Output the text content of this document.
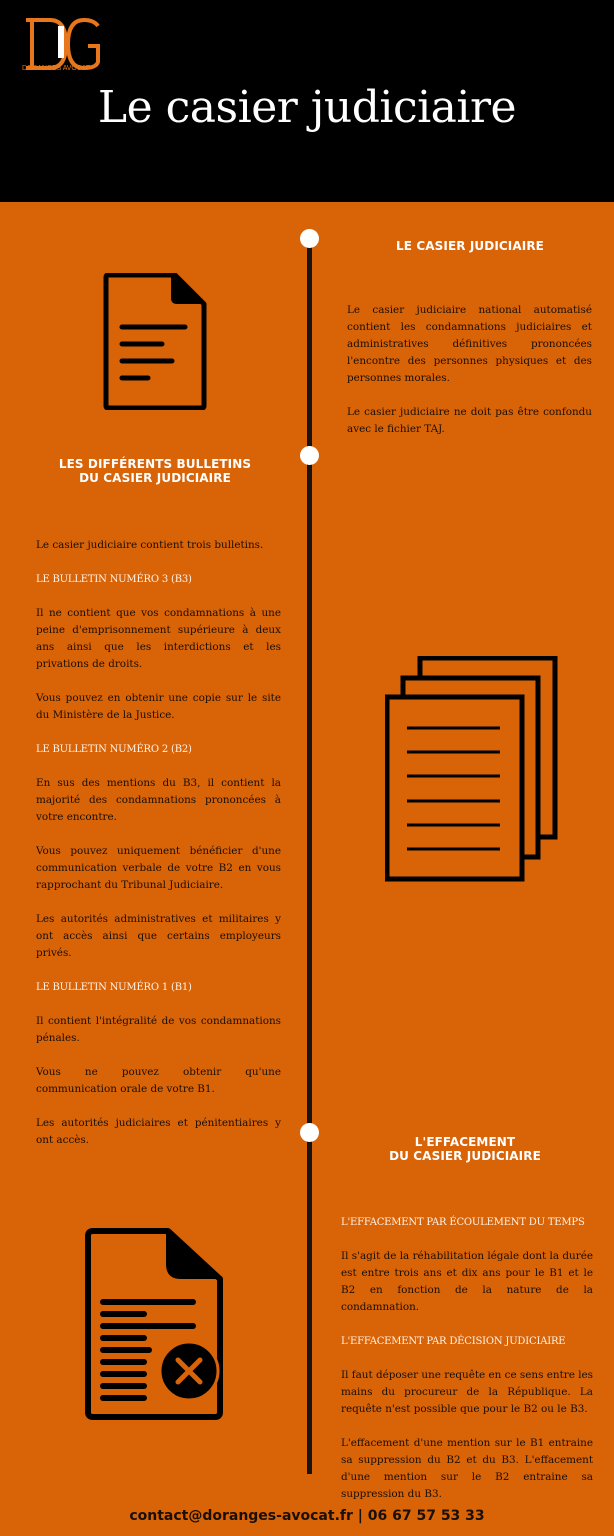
DORANGES AVOCAT
Le casier judiciaire
LE CASIER JUDICIAIRE

Le casier judiciaire national automatisé contient les condamnations judiciaires et administratives définitives prononcées l'encontre des personnes physiques et des personnes morales.

Le casier judiciaire ne doit pas être confondu avec le fichier TAJ.

LES DIFFÉRENTS BULLETINS
DU CASIER JUDICIAIRE

Le casier judiciaire contient trois bulletins.

LE BULLETIN NUMÉRO 3 (B3)

Il ne contient que vos condamnations à une peine d'emprisonnement supérieure à deux ans ainsi que les interdictions et les privations de droits.

Vous pouvez en obtenir une copie sur le site du Ministère de la Justice.

LE BULLETIN NUMÉRO 2 (B2)

En sus des mentions du B3, il contient la majorité des condamnations prononcées à votre encontre.

Vous pouvez uniquement bénéficier d'une communication verbale de votre B2 en vous rapprochant du Tribunal Judiciaire.

Les autorités administratives et militaires y ont accès ainsi que certains employeurs privés.

LE BULLETIN NUMÉRO 1 (B1)

Il contient l'intégralité de vos condamnations pénales.

Vous ne pouvez obtenir qu'une communication orale de votre B1.

Les autorités judiciaires et pénitentiaires y ont accès.	L'EFFACEMENT
DU CASIER JUDICIAIRE
L'EFFACEMENT PAR ÉCOULEMENT DU TEMPS

Il s'agit de la réhabilitation légale dont la durée est entre trois ans et dix ans pour le B1 et le B2 en fonction de la nature de la condamnation.

L'EFFACEMENT PAR DÉCISION JUDICIAIRE

Il faut déposer une requête en ce sens entre les mains du procureur de la République. La requête n'est possible que pour le B2 ou le B3.

L'effacement d'une mention sur le B1 entraine sa suppression du B2 et du B3. L'effacement d'une mention sur le B2 entraine sa suppression du B3.

contact@doranges-avocat.fr | 06 67 57 53 33
